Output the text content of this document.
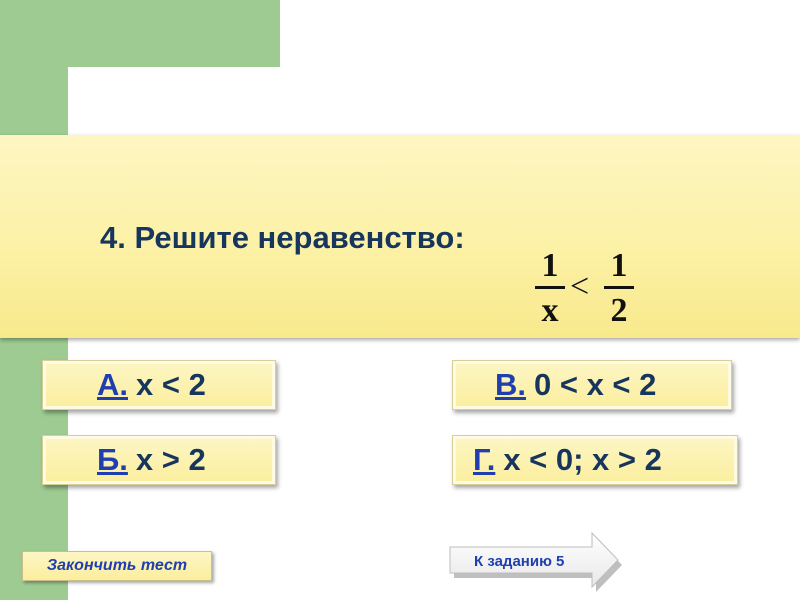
4. Решите неравенство:
1
x
<
1
2
А. x < 2
Б. x > 2
В. 0 < x < 2
Г. x < 0; x > 2
Закончить тест	К заданию 5
